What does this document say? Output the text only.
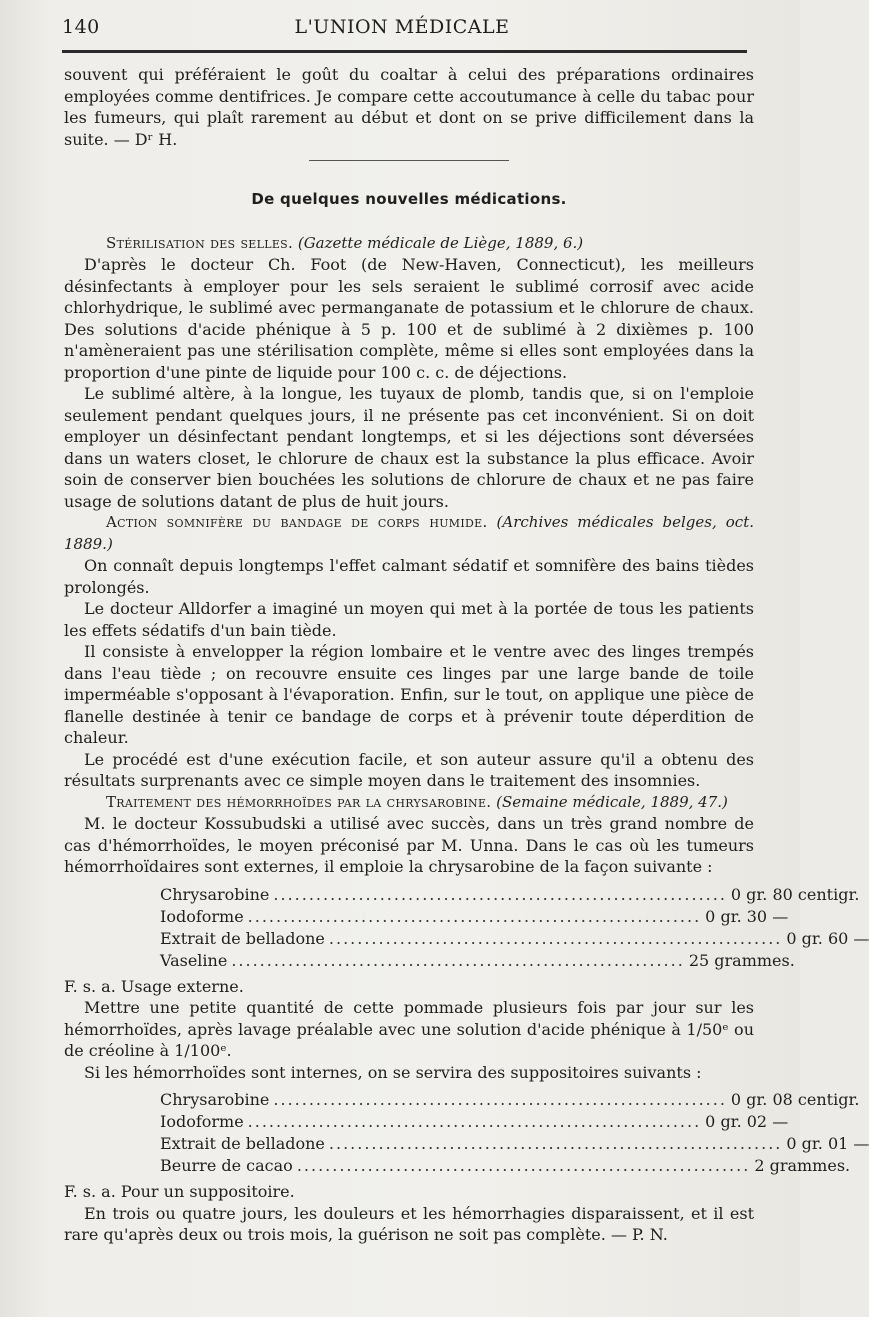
140	L'UNION MÉDICALE

souvent qui préféraient le goût du coaltar à celui des préparations ordinaires employées comme dentifrices. Je compare cette accoutumance à celle du tabac pour les fumeurs, qui plaît rarement au début et dont on se prive difficilement dans la suite. — Dʳ H.

De quelques nouvelles médications.

Stérilisation des selles. (Gazette médicale de Liège, 1889, 6.)

D'après le docteur Ch. Foot (de New-Haven, Connecticut), les meilleurs désinfectants à employer pour les sels seraient le sublimé corrosif avec acide chlorhydrique, le sublimé avec permanganate de potassium et le chlorure de chaux. Des solutions d'acide phénique à 5 p. 100 et de sublimé à 2 dixièmes p. 100 n'amèneraient pas une stérilisation complète, même si elles sont employées dans la proportion d'une pinte de liquide pour 100 c. c. de déjections.

Le sublimé altère, à la longue, les tuyaux de plomb, tandis que, si on l'emploie seulement pendant quelques jours, il ne présente pas cet inconvénient. Si on doit employer un désinfectant pendant longtemps, et si les déjections sont déversées dans un waters closet, le chlorure de chaux est la substance la plus efficace. Avoir soin de conserver bien bouchées les solutions de chlorure de chaux et ne pas faire usage de solutions datant de plus de huit jours.

Action somnifère du bandage de corps humide. (Archives médicales belges, oct. 1889.)

On connaît depuis longtemps l'effet calmant sédatif et somnifère des bains tièdes prolongés.

Le docteur Alldorfer a imaginé un moyen qui met à la portée de tous les patients les effets sédatifs d'un bain tiède.

Il consiste à envelopper la région lombaire et le ventre avec des linges trempés dans l'eau tiède ; on recouvre ensuite ces linges par une large bande de toile imperméable s'opposant à l'évaporation. Enfin, sur le tout, on applique une pièce de flanelle destinée à tenir ce bandage de corps et à prévenir toute déperdition de chaleur.

Le procédé est d'une exécution facile, et son auteur assure qu'il a obtenu des résultats surprenants avec ce simple moyen dans le traitement des insomnies.

Traitement des hémorrhoïdes par la chrysarobine. (Semaine médicale, 1889, 47.)

M. le docteur Kossubudski a utilisé avec succès, dans un très grand nombre de cas d'hémorrhoïdes, le moyen préconisé par M. Unna. Dans le cas où les tumeurs hémorrhoïdaires sont externes, il emploie la chrysarobine de la façon suivante :

Chrysarobine ................................................................ 0 gr. 80 centigr.
Iodoforme ................................................................ 0 gr. 30 —
Extrait de belladone ................................................................ 0 gr. 60 —
Vaseline ................................................................ 25 grammes.

F. s. a. Usage externe.

Mettre une petite quantité de cette pommade plusieurs fois par jour sur les hémorrhoïdes, après lavage préalable avec une solution d'acide phénique à 1/50ᵉ ou de créoline à 1/100ᵉ.

Si les hémorrhoïdes sont internes, on se servira des suppositoires suivants :

Chrysarobine ................................................................ 0 gr. 08 centigr.
Iodoforme ................................................................ 0 gr. 02 —
Extrait de belladone ................................................................ 0 gr. 01 —
Beurre de cacao ................................................................ 2 grammes.

F. s. a. Pour un suppositoire.

En trois ou quatre jours, les douleurs et les hémorrhagies disparaissent, et il est rare qu'après deux ou trois mois, la guérison ne soit pas complète. — P. N.
